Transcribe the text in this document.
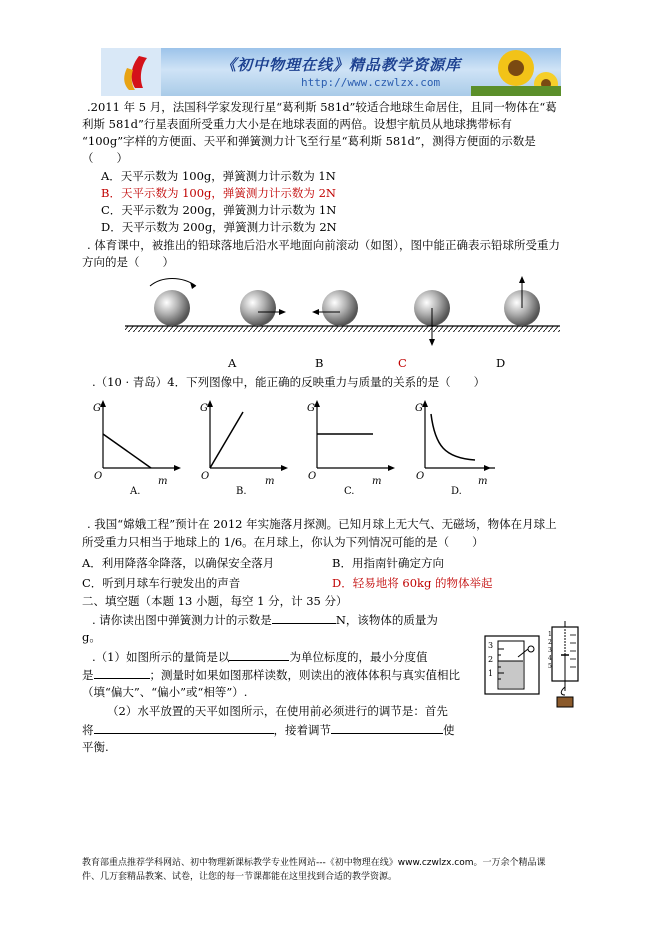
《初中物理在线》精品教学资源库
http://www.czwlzx.com
.2011 年 5 月，法国科学家发现行星“葛利斯 581d”较适合地球生命居住，且同一物体在“葛
利斯 581d”行星表面所受重力大小是在地球表面的两倍。设想宇航员从地球携带标有
“100g”字样的方便面、天平和弹簧测力计飞至行星“葛利斯 581d”，测得方便面的示数是
（　　）
A．天平示数为 100g，弹簧测力计示数为 1N
B．天平示数为 100g，弹簧测力计示数为 2N
C．天平示数为 200g，弹簧测力计示数为 1N
D．天平示数为 200g，弹簧测力计示数为 2N
. 体育课中，被推出的铅球落地后沿水平地面向前滚动（如图），图中能正确表示铅球所受重力
方向的是（　　）
A	B	C	D
.（10 · 青岛）4．下列图像中，能正确的反映重力与质量的关系的是（　　）
G	G	G	G
O	O	O	O
m	m	m	m
A.	B.	C.	D.
. 我国“嫦娥工程”预计在 2012 年实施落月探测。已知月球上无大气、无磁场，物体在月球上
所受重力只相当于地球上的 1/6。在月球上，你认为下列情况可能的是（　　）
A．利用降落伞降落，以确保安全落月	B．用指南针确定方向
C．听到月球车行驶发出的声音	D．轻易地将 60kg 的物体举起
二、填空题（本题 13 小题，每空 1 分，计 35 分）
. 请你读出图中弹簧测力计的示数是	N，该物体的质量为
g。
.（1）如图所示的量筒是以	为单位标度的，最小分度值
是	；测量时如果如图那样读数，则读出的液体体积与真实值相比
（填“偏大”、“偏小”或“相等”）.
（2）水平放置的天平如图所示，在使用前必须进行的调节是：首先
将	，接着调节	使
平衡.
3
2
1
1
2
3
4
5
教育部重点推荐学科网站、初中物理新课标教学专业性网站---《初中物理在线》www.czwlzx.com。一万余个精品课
件、几万套精品教案、试卷，让您的每一节课都能在这里找到合适的教学资源。
